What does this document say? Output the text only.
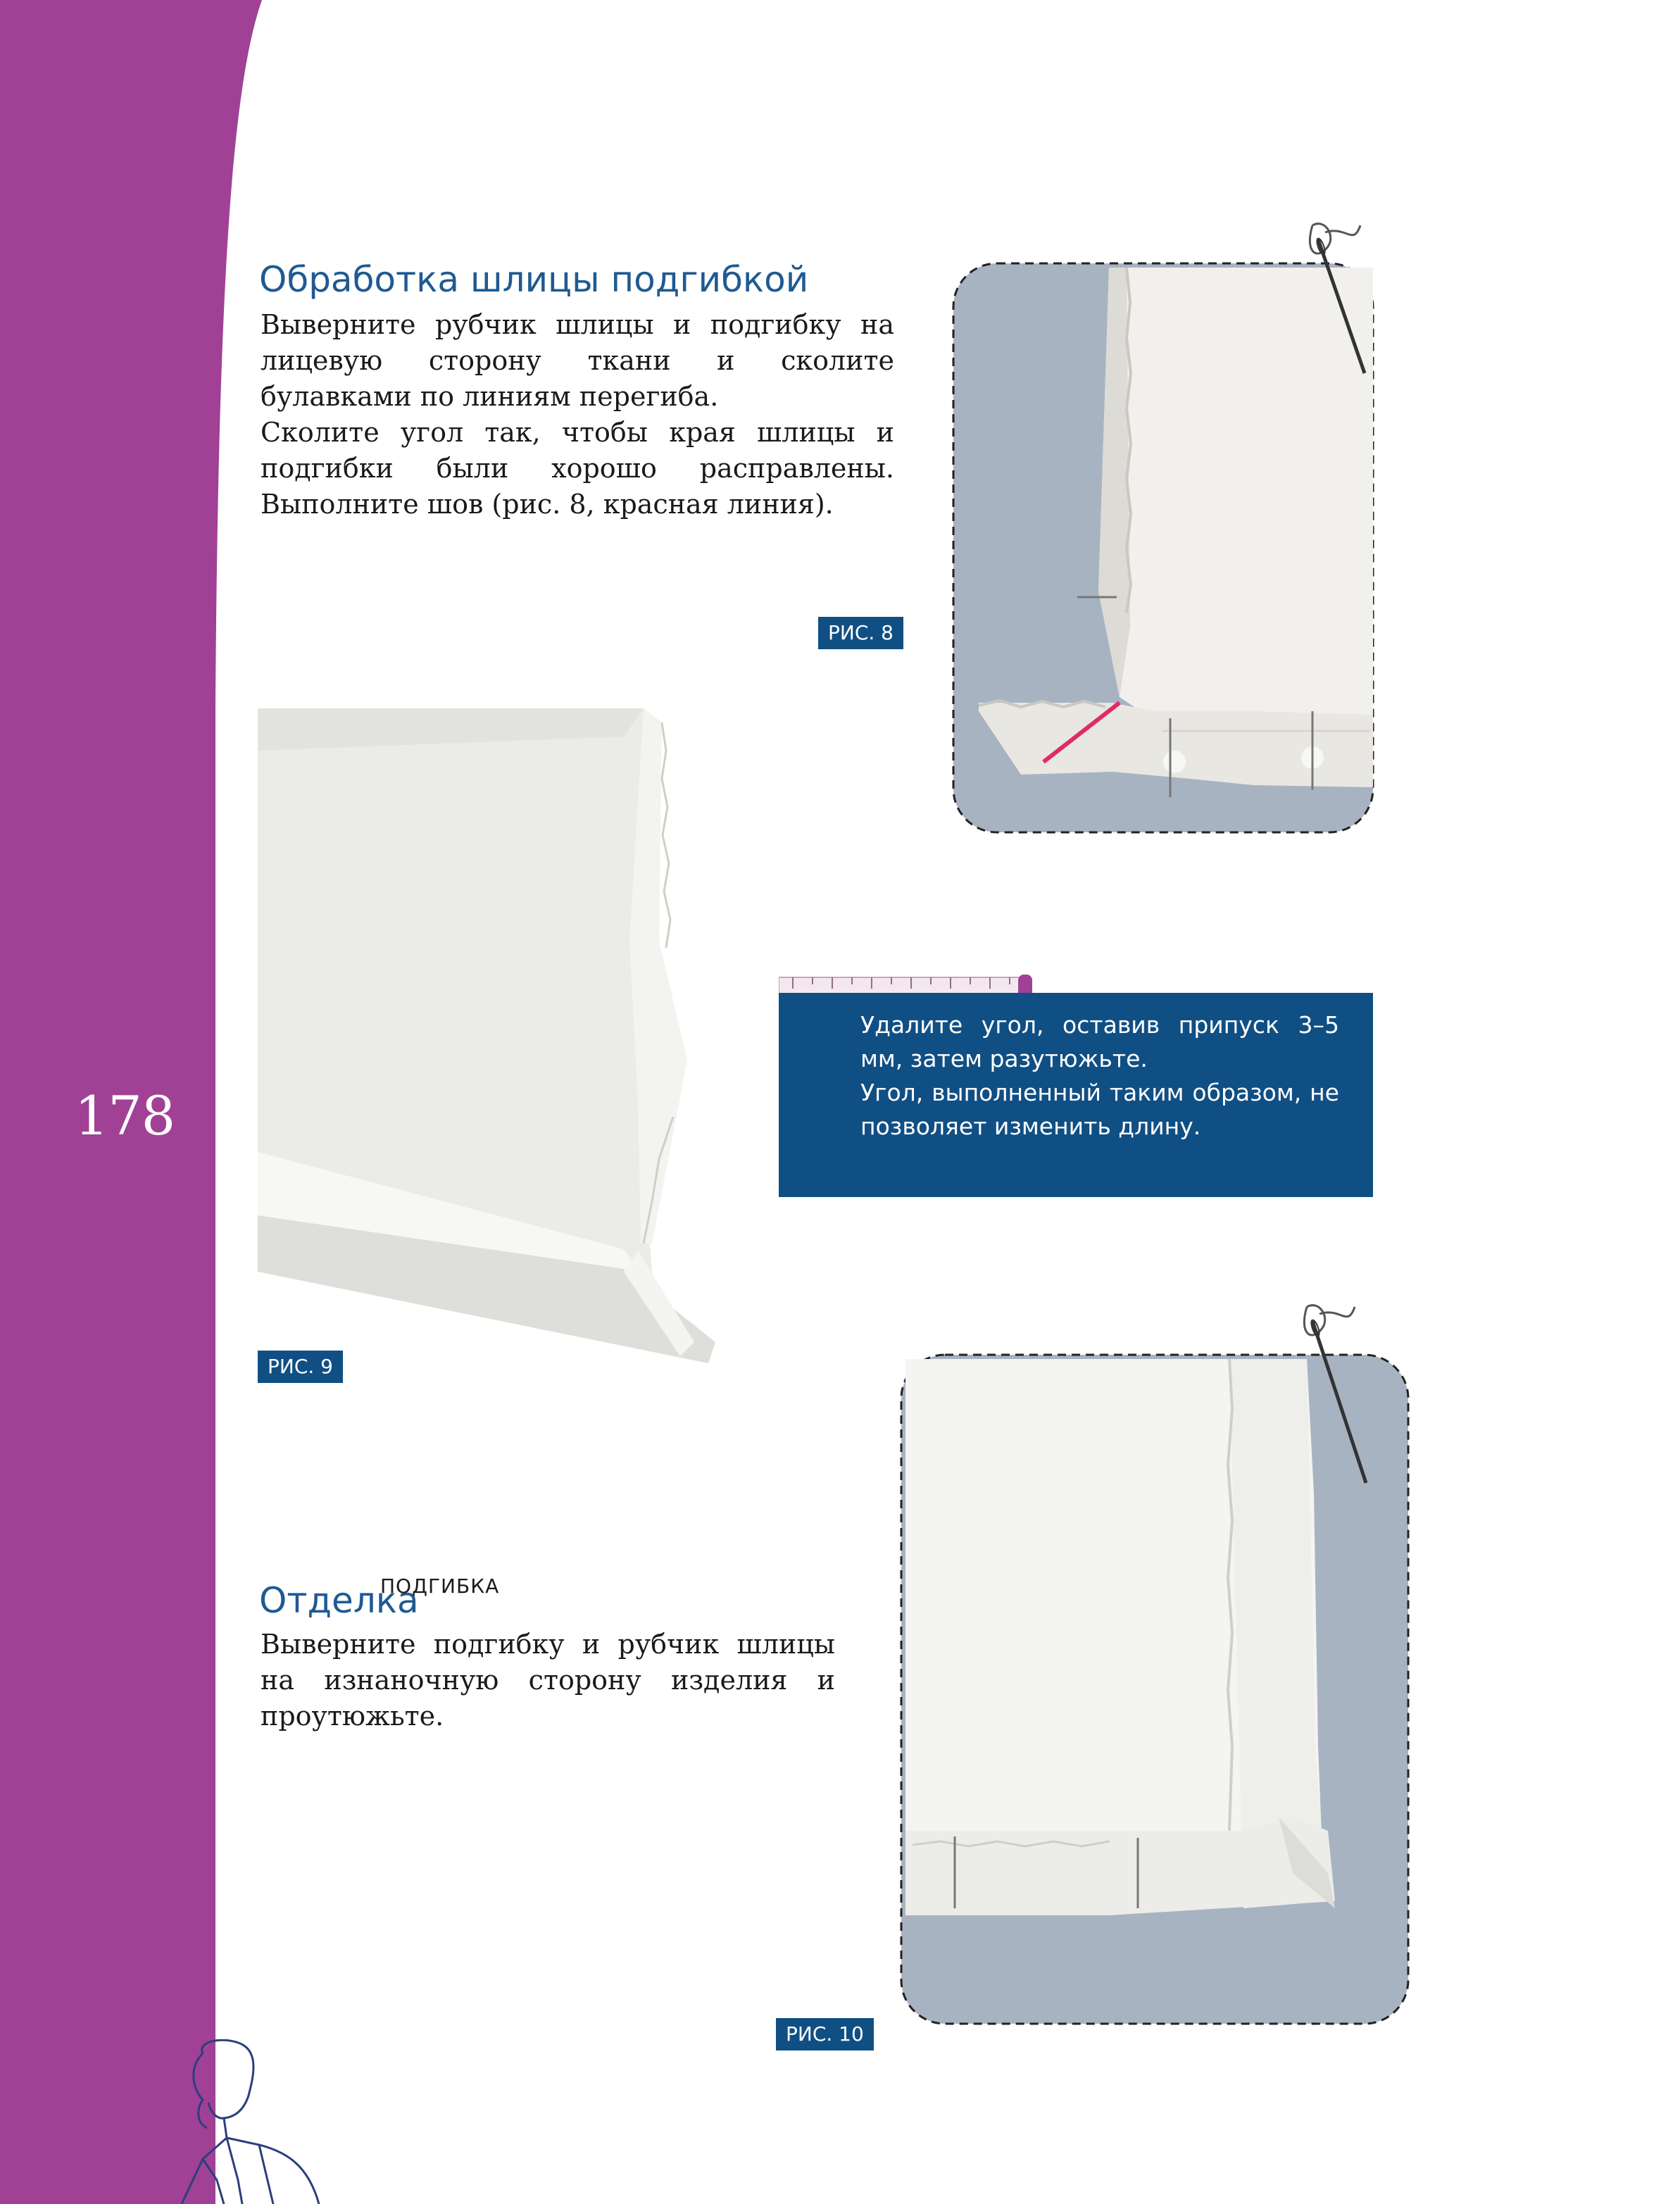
178
Обработка шлицы подгибкой

Выверните рубчик шлицы и подгибку на лицевую сторону ткани и сколите булавками по линиям перегиба.

Сколите угол так, чтобы края шлицы и подгибки были хорошо расправлены. Выполните шов (рис. 8, красная линия).

РИС. 8
РИС. 9

Удалите угол, оставив припуск 3–5 мм, затем разутюжьте.

Угол, выполненный таким образом, не позволяет изменить длину.

РИС. 10
Отделка

Выверните подгибку и рубчик шлицы на изнаночную сторону изделия и проутюжьте.

ПОДГИБКА
